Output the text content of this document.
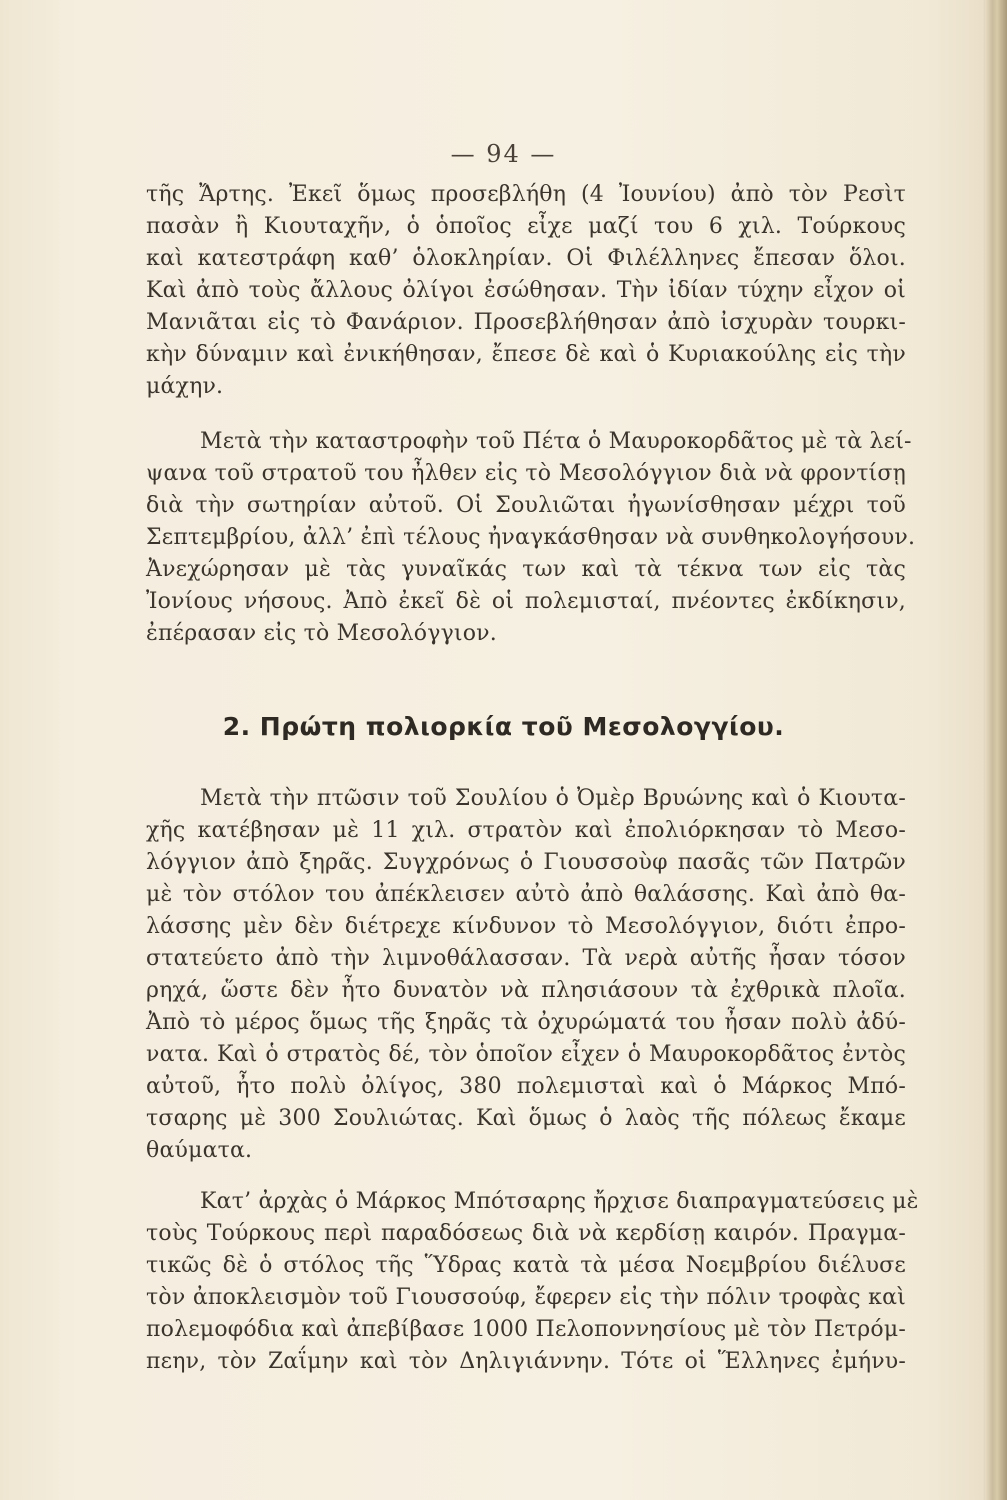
— 94 —
τῆς Ἄρτης. Ἐκεῖ ὅμως προσεβλήθη (4 Ἰουνίου) ἀπὸ τὸν Ρεσὶτ
πασὰν ἢ Κιουταχῆν, ὁ ὁποῖος εἶχε μαζί του 6 χιλ. Τούρκους
καὶ κατεστράφη καθ’ ὁλοκληρίαν. Οἱ Φιλέλληνες ἔπεσαν ὅλοι.
Καὶ ἀπὸ τοὺς ἄλλους ὀλίγοι ἐσώθησαν. Τὴν ἰδίαν τύχην εἶχον οἱ
Μανιᾶται εἰς τὸ Φανάριον. Προσεβλήθησαν ἀπὸ ἰσχυρὰν τουρκι-
κὴν δύναμιν καὶ ἐνικήθησαν, ἔπεσε δὲ καὶ ὁ Κυριακούλης εἰς τὴν
μάχην.
Μετὰ τὴν καταστροφὴν τοῦ Πέτα ὁ Μαυροκορδᾶτος μὲ τὰ λεί-
ψανα τοῦ στρατοῦ του ἦλθεν εἰς τὸ Μεσολόγγιον διὰ νὰ φροντίσῃ
διὰ τὴν σωτηρίαν αὐτοῦ. Οἱ Σουλιῶται ἠγωνίσθησαν μέχρι τοῦ
Σεπτεμβρίου, ἀλλ’ ἐπὶ τέλους ἠναγκάσθησαν νὰ συνθηκολογήσουν.
Ἀνεχώρησαν μὲ τὰς γυναῖκάς των καὶ τὰ τέκνα των εἰς τὰς
Ἰονίους νήσους. Ἀπὸ ἐκεῖ δὲ οἱ πολεμισταί, πνέοντες ἐκδίκησιν,
ἐπέρασαν εἰς τὸ Μεσολόγγιον.
2. Πρώτη πολιορκία τοῦ Μεσολογγίου.
Μετὰ τὴν πτῶσιν τοῦ Σουλίου ὁ Ὀμὲρ Βρυώνης καὶ ὁ Κιουτα-
χῆς κατέβησαν μὲ 11 χιλ. στρατὸν καὶ ἐπολιόρκησαν τὸ Μεσο-
λόγγιον ἀπὸ ξηρᾶς. Συγχρόνως ὁ Γιουσσοὺφ πασᾶς τῶν Πατρῶν
μὲ τὸν στόλον του ἀπέκλεισεν αὐτὸ ἀπὸ θαλάσσης. Καὶ ἀπὸ θα-
λάσσης μὲν δὲν διέτρεχε κίνδυνον τὸ Μεσολόγγιον, διότι ἐπρο-
στατεύετο ἀπὸ τὴν λιμνοθάλασσαν. Τὰ νερὰ αὐτῆς ἦσαν τόσον
ρηχά, ὥστε δὲν ἦτο δυνατὸν νὰ πλησιάσουν τὰ ἐχθρικὰ πλοῖα.
Ἀπὸ τὸ μέρος ὅμως τῆς ξηρᾶς τὰ ὀχυρώματά του ἦσαν πολὺ ἀδύ-
νατα. Καὶ ὁ στρατὸς δέ, τὸν ὁποῖον εἶχεν ὁ Μαυροκορδᾶτος ἐντὸς
αὐτοῦ, ἦτο πολὺ ὀλίγος, 380 πολεμισταὶ καὶ ὁ Μάρκος Μπό-
τσαρης μὲ 300 Σουλιώτας. Καὶ ὅμως ὁ λαὸς τῆς πόλεως ἔκαμε
θαύματα.
Κατ’ ἀρχὰς ὁ Μάρκος Μπότσαρης ἤρχισε διαπραγματεύσεις μὲ
τοὺς Τούρκους περὶ παραδόσεως διὰ νὰ κερδίσῃ καιρόν. Πραγμα-
τικῶς δὲ ὁ στόλος τῆς Ὕδρας κατὰ τὰ μέσα Νοεμβρίου διέλυσε
τὸν ἀποκλεισμὸν τοῦ Γιουσσούφ, ἔφερεν εἰς τὴν πόλιν τροφὰς καὶ
πολεμοφόδια καὶ ἀπεβίβασε 1000 Πελοποννησίους μὲ τὸν Πετρόμ-
πεην, τὸν Ζαΐμην καὶ τὸν Δηλιγιάννην. Τότε οἱ Ἕλληνες ἐμήνυ-
